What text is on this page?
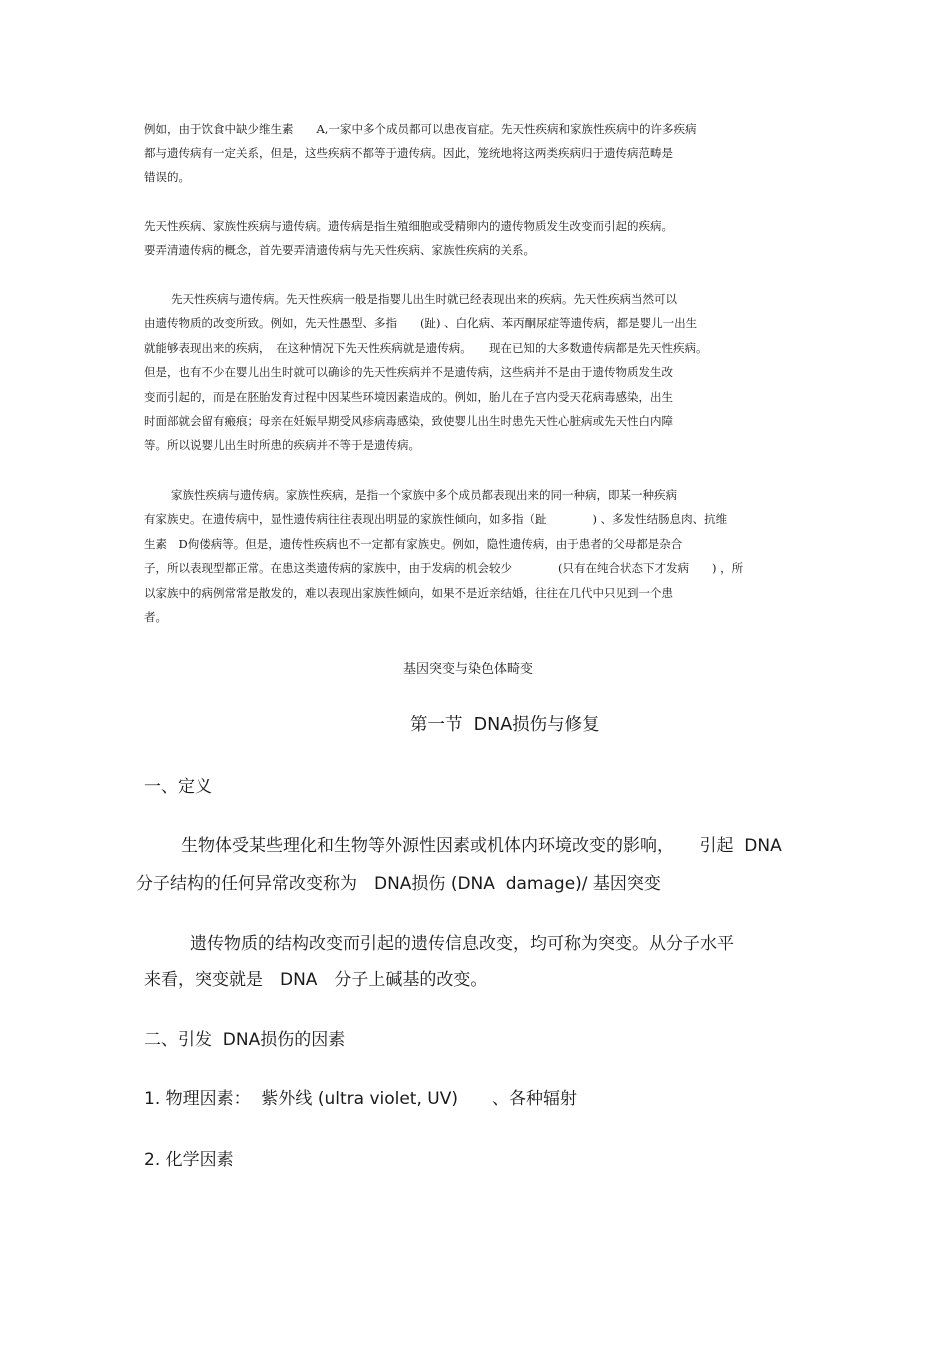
例如，由于饮食中缺少维生素　　A,一家中多个成员都可以患夜盲症。先天性疾病和家族性疾病中的许多疾病
都与遗传病有一定关系，但是，这些疾病不都等于遗传病。因此，笼统地将这两类疾病归于遗传病范畴是
错误的。
先天性疾病、家族性疾病与遗传病。遗传病是指生殖细胞或受精卵内的遗传物质发生改变而引起的疾病。
要弄清遗传病的概念，首先要弄清遗传病与先天性疾病、家族性疾病的关系。
先天性疾病与遗传病。先天性疾病一般是指婴儿出生时就已经表现出来的疾病。先天性疾病当然可以
由遗传物质的改变所致。例如，先天性愚型、多指　　(趾) 、白化病、苯丙酮尿症等遗传病，都是婴儿一出生
就能够表现出来的疾病，　在这种情况下先天性疾病就是遗传病。　　现在已知的大多数遗传病都是先天性疾病。
但是，也有不少在婴儿出生时就可以确诊的先天性疾病并不是遗传病，这些病并不是由于遗传物质发生改
变而引起的，而是在胚胎发育过程中因某些环境因素造成的。例如，胎儿在子宫内受天花病毒感染，出生
时面部就会留有瘢痕；母亲在妊娠早期受风疹病毒感染，致使婴儿出生时患先天性心脏病或先天性白内障
等。所以说婴儿出生时所患的疾病并不等于是遗传病。
家族性疾病与遗传病。家族性疾病，是指一个家族中多个成员都表现出来的同一种病，即某一种疾病
有家族史。在遗传病中，显性遗传病往往表现出明显的家族性倾向，如多指（趾　　　　) 、多发性结肠息肉、抗维
生素　D佝偻病等。但是，遗传性疾病也不一定都有家族史。例如，隐性遗传病，由于患者的父母都是杂合
子，所以表现型都正常。在患这类遗传病的家族中，由于发病的机会较少　　　　(只有在纯合状态下才发病　　) ，所
以家族中的病例常常是散发的，难以表现出家族性倾向，如果不是近亲结婚，往往在几代中只见到一个患
者。
基因突变与染色体畸变
第一节  DNA损伤与修复
一、定义
生物体受某些理化和生物等外源性因素或机体内环境改变的影响，　　引起  DNA
分子结构的任何异常改变称为　DNA损伤 (DNA  damage)/ 基因突变
遗传物质的结构改变而引起的遗传信息改变，均可称为突变。从分子水平
来看，突变就是　DNA　分子上碱基的改变。
二、引发  DNA损伤的因素
1. 物理因素：  紫外线 (ultra violet, UV)　　、各种辐射
2. 化学因素
